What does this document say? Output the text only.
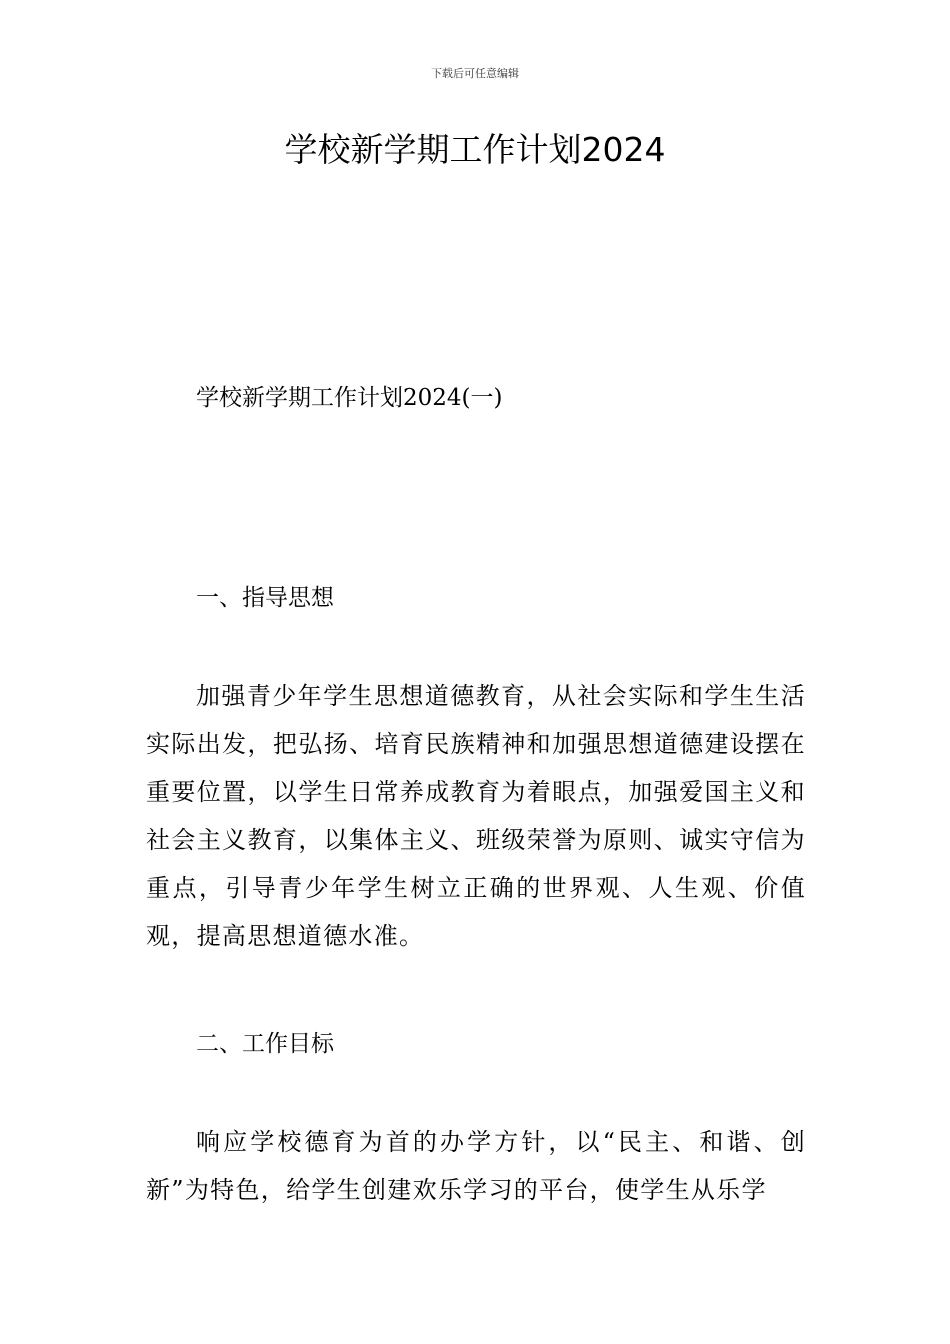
下载后可任意编辑
学校新学期工作计划2024
学校新学期工作计划2024(一)
一、指导思想

加强青少年学生思想道德教育，从社会实际和学生生活实际出发，把弘扬、培育民族精神和加强思想道德建设摆在重要位置，以学生日常养成教育为着眼点，加强爱国主义和社会主义教育，以集体主义、班级荣誉为原则、诚实守信为重点，引导青少年学生树立正确的世界观、人生观、价值观，提高思想道德水准。

二、工作目标

响应学校德育为首的办学方针，以“民主、和谐、创新”为特色，给学生创建欢乐学习的平台，使学生从乐学
